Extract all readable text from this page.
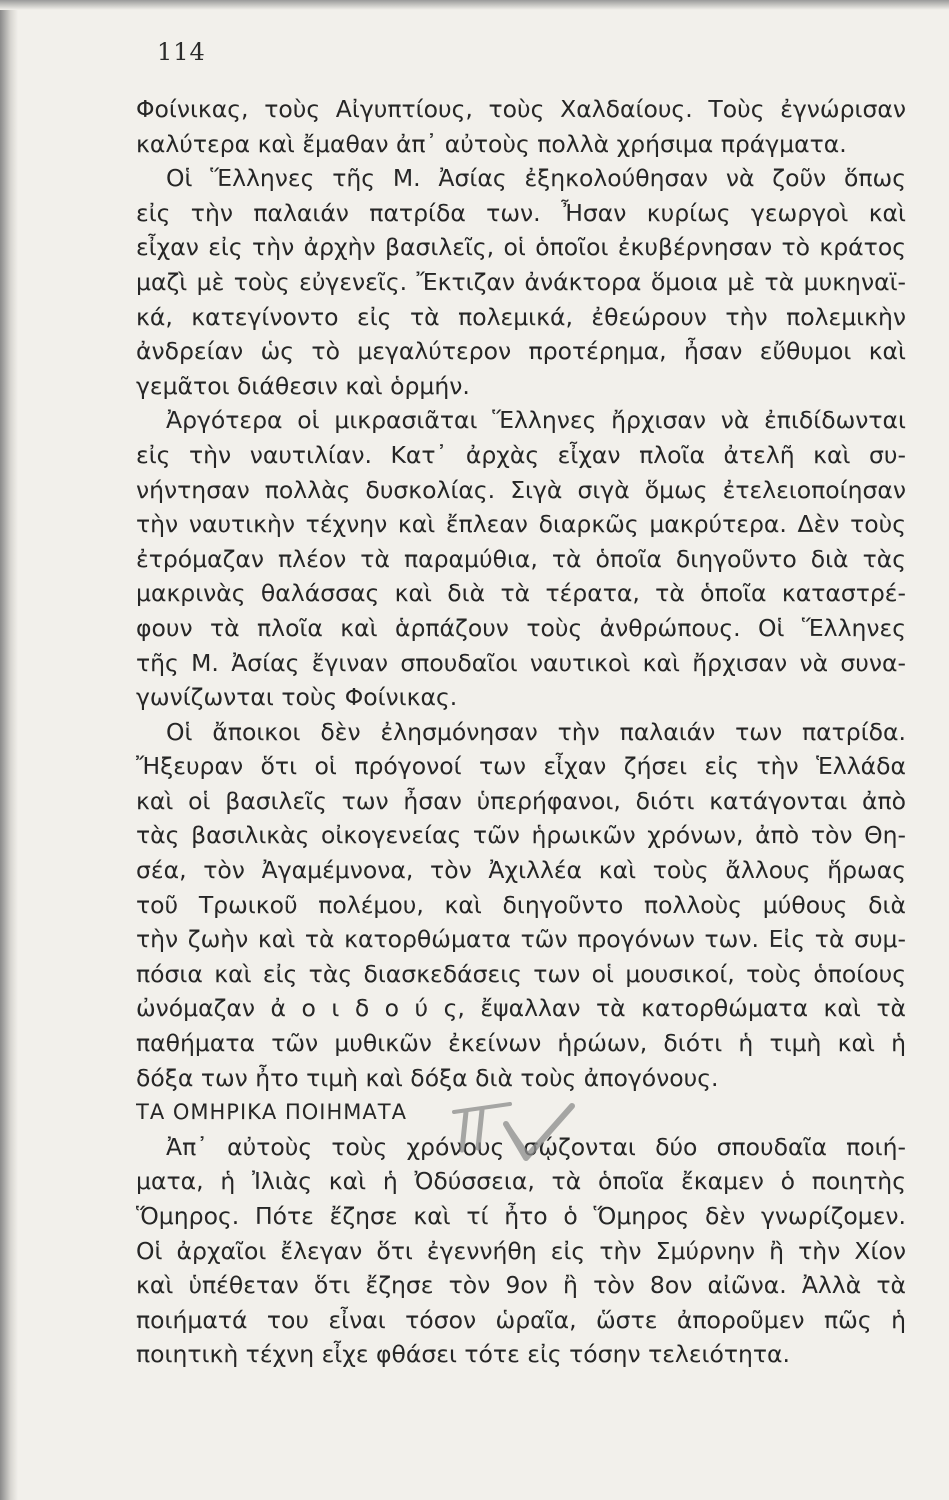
114
Φοίνικας, τοὺς Αἰγυπτίους, τοὺς Χαλδαίους. Τοὺς ἐγνώρισαν
καλύτερα καὶ ἔμαθαν ἀπ᾽ αὐτοὺς πολλὰ χρήσιμα πράγματα.
Οἱ Ἕλληνες τῆς Μ. Ἀσίας ἐξηκολούθησαν νὰ ζοῦν ὅπως
εἰς τὴν παλαιάν πατρίδα των. Ἦσαν κυρίως γεωργοὶ καὶ
εἶχαν εἰς τὴν ἀρχὴν βασιλεῖς, οἱ ὁποῖοι ἐκυβέρνησαν τὸ κράτος
μαζὶ μὲ τοὺς εὐγενεῖς. Ἔκτιζαν ἀνάκτορα ὅμοια μὲ τὰ μυκηναϊ-
κά, κατεγίνοντο εἰς τὰ πολεμικά, ἐθεώρουν τὴν πολεμικὴν
ἀνδρείαν ὡς τὸ μεγαλύτερον προτέρημα, ἦσαν εὔθυμοι καὶ
γεμᾶτοι διάθεσιν καὶ ὁρμήν.
Ἀργότερα οἱ μικρασιᾶται Ἕλληνες ἤρχισαν νὰ ἐπιδίδωνται
εἰς τὴν ναυτιλίαν. Κατ᾽ ἀρχὰς εἶχαν πλοῖα ἀτελῆ καὶ συ-
νήντησαν πολλὰς δυσκολίας. Σιγὰ σιγὰ ὅμως ἐτελειοποίησαν
τὴν ναυτικὴν τέχνην καὶ ἔπλεαν διαρκῶς μακρύτερα. Δὲν τοὺς
ἐτρόμαζαν πλέον τὰ παραμύθια, τὰ ὁποῖα διηγοῦντο διὰ τὰς
μακρινὰς θαλάσσας καὶ διὰ τὰ τέρατα, τὰ ὁποῖα καταστρέ-
φουν τὰ πλοῖα καὶ ἁρπάζουν τοὺς ἀνθρώπους. Οἱ Ἕλληνες
τῆς Μ. Ἀσίας ἔγιναν σπουδαῖοι ναυτικοὶ καὶ ἤρχισαν νὰ συνα-
γωνίζωνται τοὺς Φοίνικας.
Οἱ ἄποικοι δὲν ἐλησμόνησαν τὴν παλαιάν των πατρίδα.
Ἤξευραν ὅτι οἱ πρόγονοί των εἶχαν ζήσει εἰς τὴν Ἑλλάδα
καὶ οἱ βασιλεῖς των ἦσαν ὑπερήφανοι, διότι κατάγονται ἀπὸ
τὰς βασιλικὰς οἰκογενείας τῶν ἡρωικῶν χρόνων, ἀπὸ τὸν Θη-
σέα, τὸν Ἀγαμέμνονα, τὸν Ἀχιλλέα καὶ τοὺς ἄλλους ἥρωας
τοῦ Τρωικοῦ πολέμου, καὶ διηγοῦντο πολλοὺς μύθους διὰ
τὴν ζωὴν καὶ τὰ κατορθώματα τῶν προγόνων των. Εἰς τὰ συμ-
πόσια καὶ εἰς τὰς διασκεδάσεις των οἱ μουσικοί, τοὺς ὁποίους
ὠνόμαζαν ἀ ο ι δ ο ύ ς, ἔψαλλαν τὰ κατορθώματα καὶ τὰ
παθήματα τῶν μυθικῶν ἐκείνων ἡρώων, διότι ἡ τιμὴ καὶ ἡ
δόξα των ἦτο τιμὴ καὶ δόξα διὰ τοὺς ἀπογόνους.
ΤΑ ΟΜΗΡΙΚΑ ΠΟΙΗΜΑΤΑ
Ἀπ᾽ αὐτοὺς τοὺς χρόνους σῴζονται δύο σπουδαῖα ποιή-
ματα, ἡ Ἰλιὰς καὶ ἡ Ὀδύσσεια, τὰ ὁποῖα ἔκαμεν ὁ ποιητὴς
Ὅμηρος. Πότε ἔζησε καὶ τί ἦτο ὁ Ὅμηρος δὲν γνωρίζομεν.
Οἱ ἀρχαῖοι ἔλεγαν ὅτι ἐγεννήθη εἰς τὴν Σμύρνην ἢ τὴν Χίον
καὶ ὑπέθεταν ὅτι ἔζησε τὸν 9ον ἢ τὸν 8ον αἰῶνα. Ἀλλὰ τὰ
ποιήματά του εἶναι τόσον ὡραῖα, ὥστε ἀποροῦμεν πῶς ἡ
ποιητικὴ τέχνη εἶχε φθάσει τότε εἰς τόσην τελειότητα.
